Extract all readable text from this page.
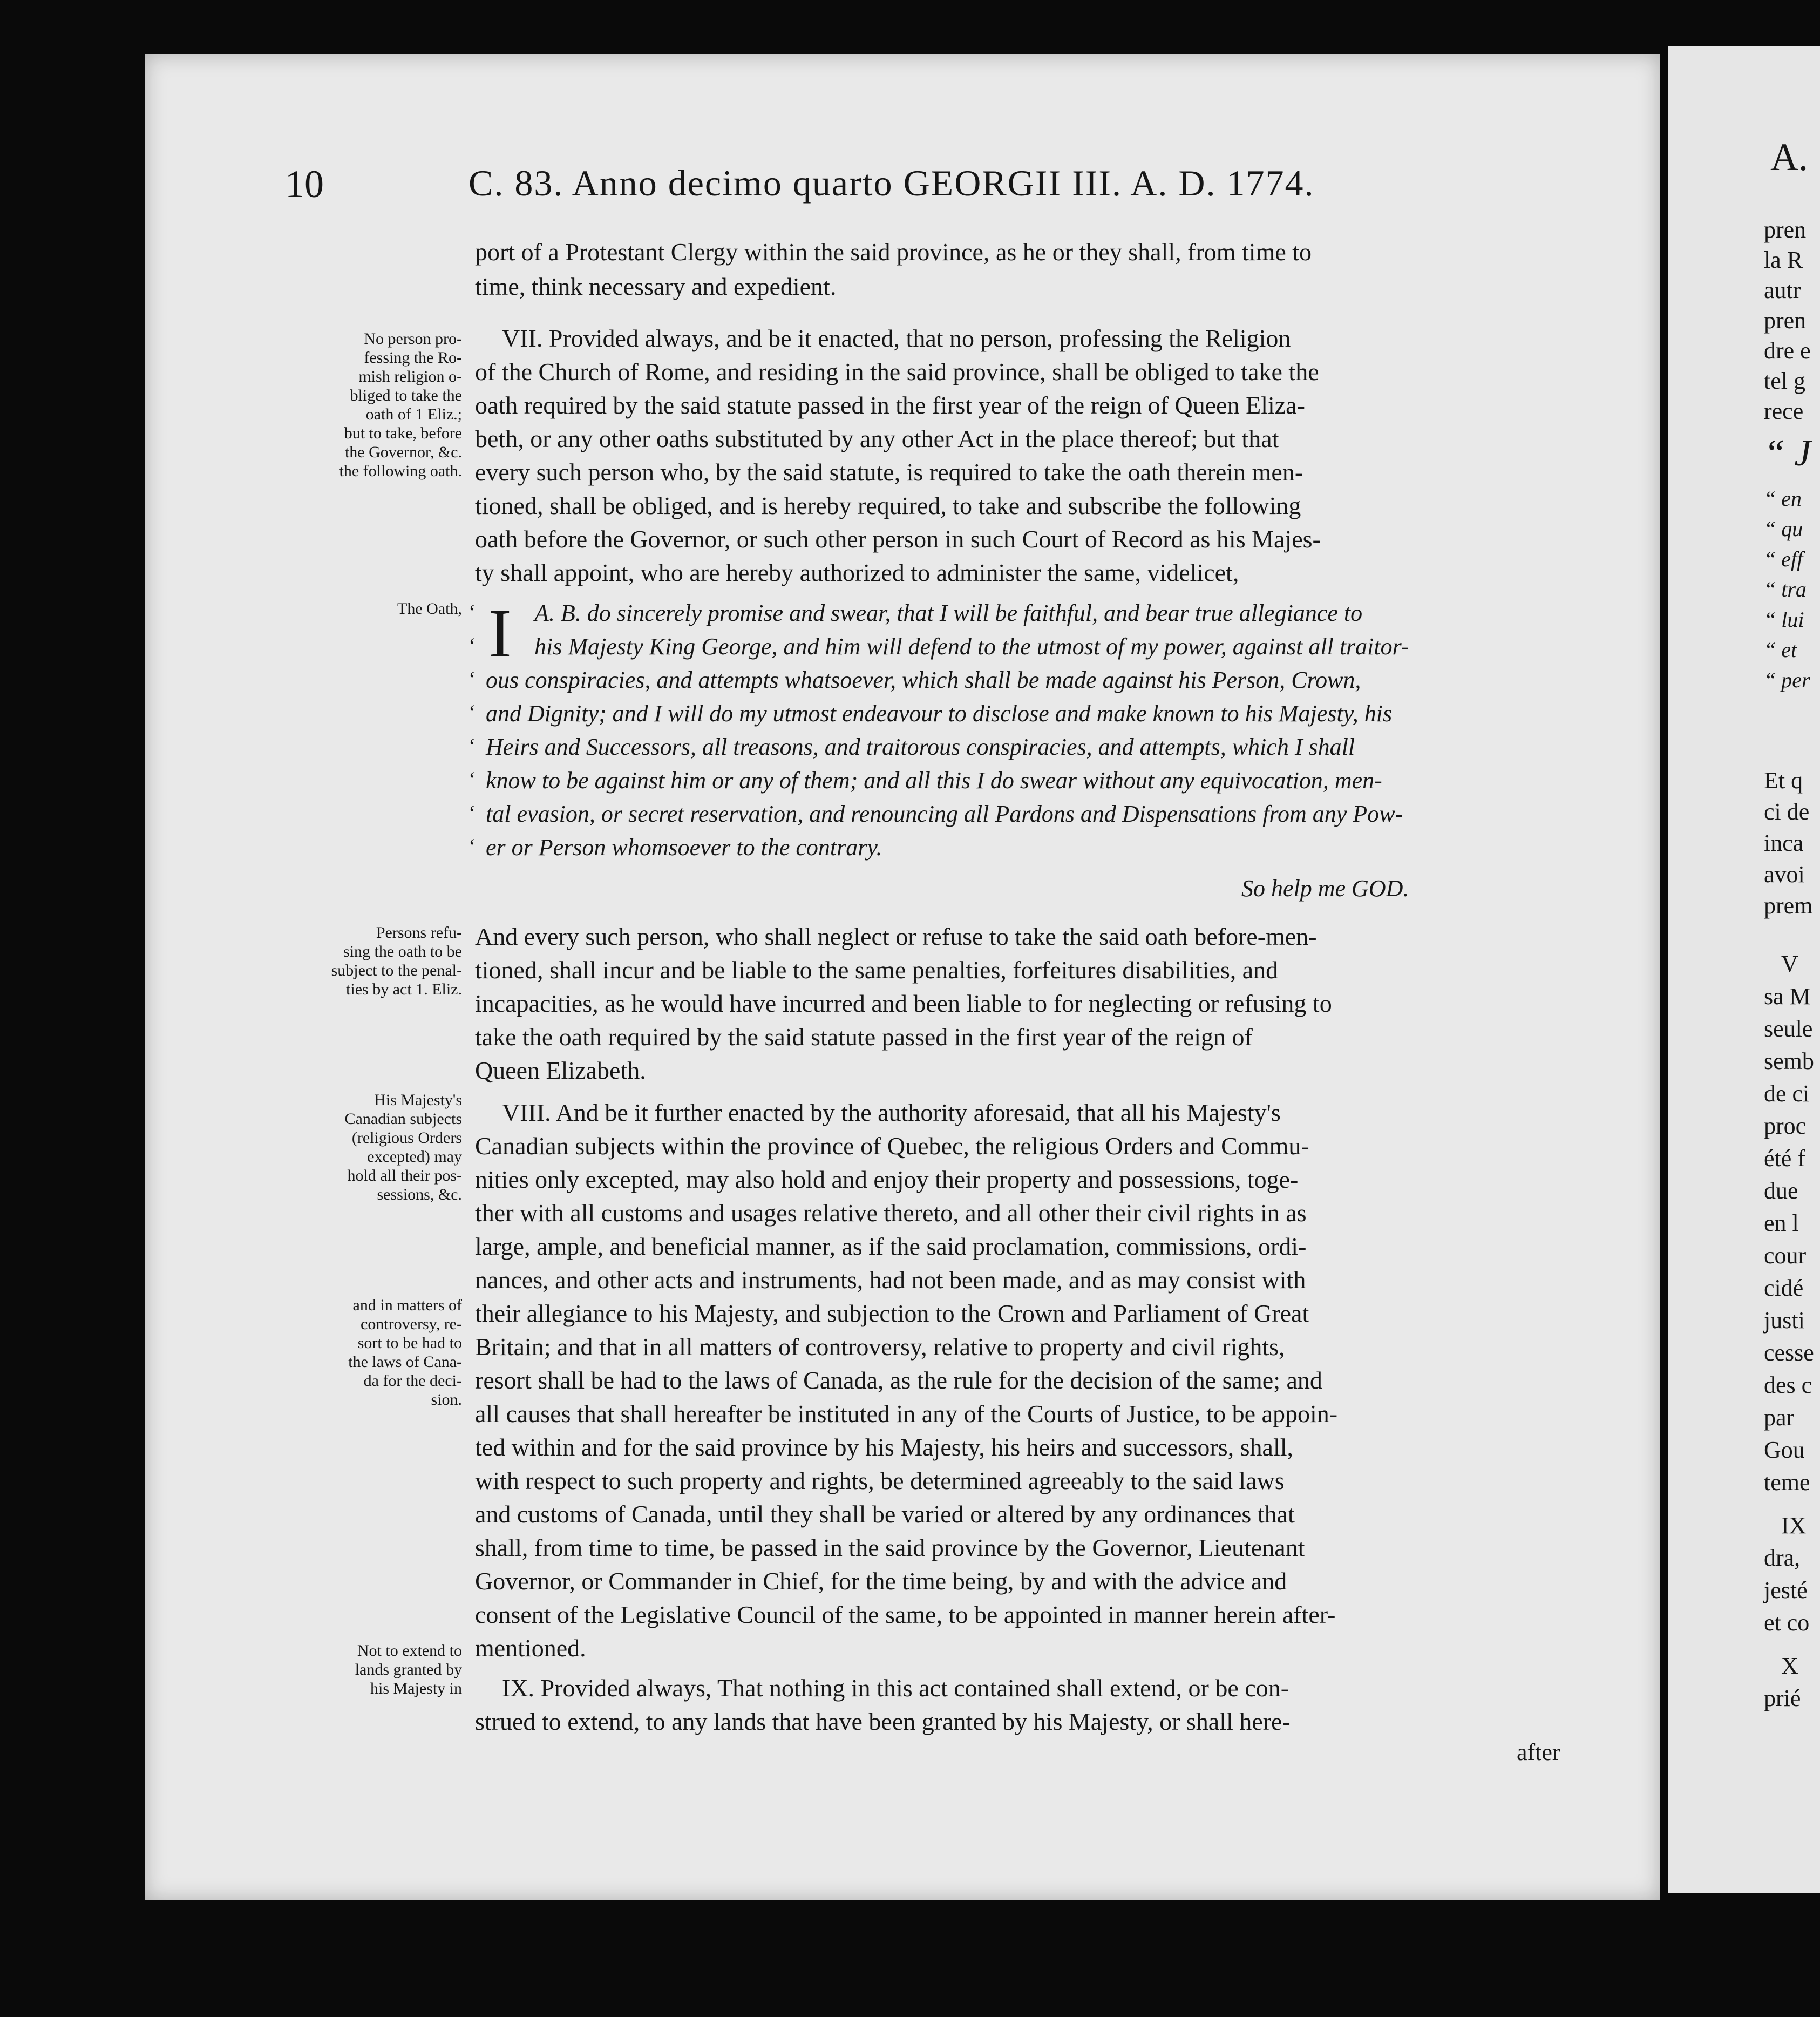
10	C. 83. Anno decimo quarto GEORGII III. A. D. 1774.
No person pro-
fessing the Ro-
mish religion o-
bliged to take the
oath of 1 Eliz.;
but to take, before
the Governor, &c.
the following oath.
The Oath,
Persons refu-
sing the oath to be
subject to the penal-
ties by act 1. Eliz.
His Majesty's
Canadian subjects
(religious Orders
excepted) may
hold all their pos-
sessions, &c.
and in matters of
controversy, re-
sort to be had to
the laws of Cana-
da for the deci-
sion.
Not to extend to
lands granted by
his Majesty in
port of a Protestant Clergy within the said province, as he or they shall, from time to
time, think necessary and expedient.
VII. Provided always, and be it enacted, that no person, professing the Religion
of the Church of Rome, and residing in the said province, shall be obliged to take the
oath required by the said statute passed in the first year of the reign of Queen Eliza-
beth, or any other oaths substituted by any other Act in the place thereof; but that
every such person who, by the said statute, is required to take the oath therein men-
tioned, shall be obliged, and is hereby required, to take and subscribe the following
oath before the Governor, or such other person in such Court of Record as his Majes-
ty shall appoint, who are hereby authorized to administer the same, videlicet,
I A. B. do sincerely promise and swear, that I will be faithful, and bear true allegiance to
his Majesty King George, and him will defend to the utmost of my power, against all traitor-
ous conspiracies, and attempts whatsoever, which shall be made against his Person, Crown,
and Dignity; and I will do my utmost endeavour to disclose and make known to his Majesty, his
Heirs and Successors, all treasons, and traitorous conspiracies, and attempts, which I shall
know to be against him or any of them; and all this I do swear without any equivocation, men-
tal evasion, or secret reservation, and renouncing all Pardons and Dispensations from any Pow-
er or Person whomsoever to the contrary.
‘
‘
‘
‘
‘
‘
‘
‘
So help me GOD.
And every such person, who shall neglect or refuse to take the said oath before-men-
tioned, shall incur and be liable to the same penalties, forfeitures disabilities, and
incapacities, as he would have incurred and been liable to for neglecting or refusing to
take the oath required by the said statute passed in the first year of the reign of
Queen Elizabeth.
VIII. And be it further enacted by the authority aforesaid, that all his Majesty's
Canadian subjects within the province of Quebec, the religious Orders and Commu-
nities only excepted, may also hold and enjoy their property and possessions, toge-
ther with all customs and usages relative thereto, and all other their civil rights in as
large, ample, and beneficial manner, as if the said proclamation, commissions, ordi-
nances, and other acts and instruments, had not been made, and as may consist with
their allegiance to his Majesty, and subjection to the Crown and Parliament of Great
Britain; and that in all matters of controversy, relative to property and civil rights,
resort shall be had to the laws of Canada, as the rule for the decision of the same; and
all causes that shall hereafter be instituted in any of the Courts of Justice, to be appoin-
ted within and for the said province by his Majesty, his heirs and successors, shall,
with respect to such property and rights, be determined agreeably to the said laws
and customs of Canada, until they shall be varied or altered by any ordinances that
shall, from time to time, be passed in the said province by the Governor, Lieutenant
Governor, or Commander in Chief, for the time being, by and with the advice and
consent of the Legislative Council of the same, to be appointed in manner herein after-
mentioned.
IX. Provided always, That nothing in this act contained shall extend, or be con-
strued to extend, to any lands that have been granted by his Majesty, or shall here-
after
A.
pren
la R
autr
pren
dre e
tel g
rece
“ J
“ en
“ qu
“ eff
“ tra
“ lui
“ et
“ per
Et q
ci de
inca
avoi
prem
V
sa M
seule
semb
de ci
proc
été f
due
en l
cour
cidé
justi
cesse
des c
par
Gou
teme
IX
dra,
jesté
et co
X
prié
